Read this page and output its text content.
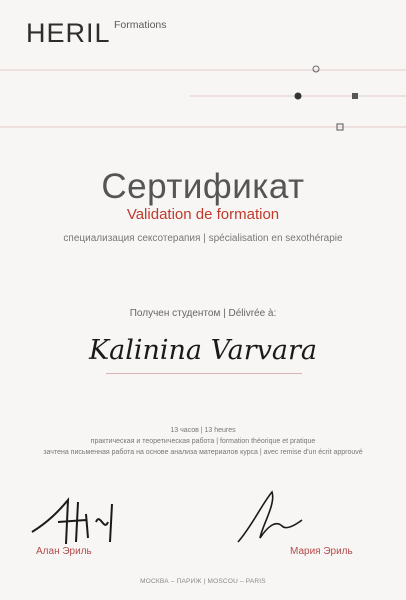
HERIL Formations
Сертификат
Validation de formation
специализация сексотерапия | spécialisation en sexothérapie
Получен студентом | Délivrée à:
Kalinina Varvara
13 часов | 13 heures
практическая и теоретическая работа | formation théorique et pratique
зачтена письменная работа на основе анализа материалов курса | avec remise d'un écrit approuvé
Алан Эриль	Мария Эриль
МОСКВА – ПАРИЖ | MOSCOU – PARIS
